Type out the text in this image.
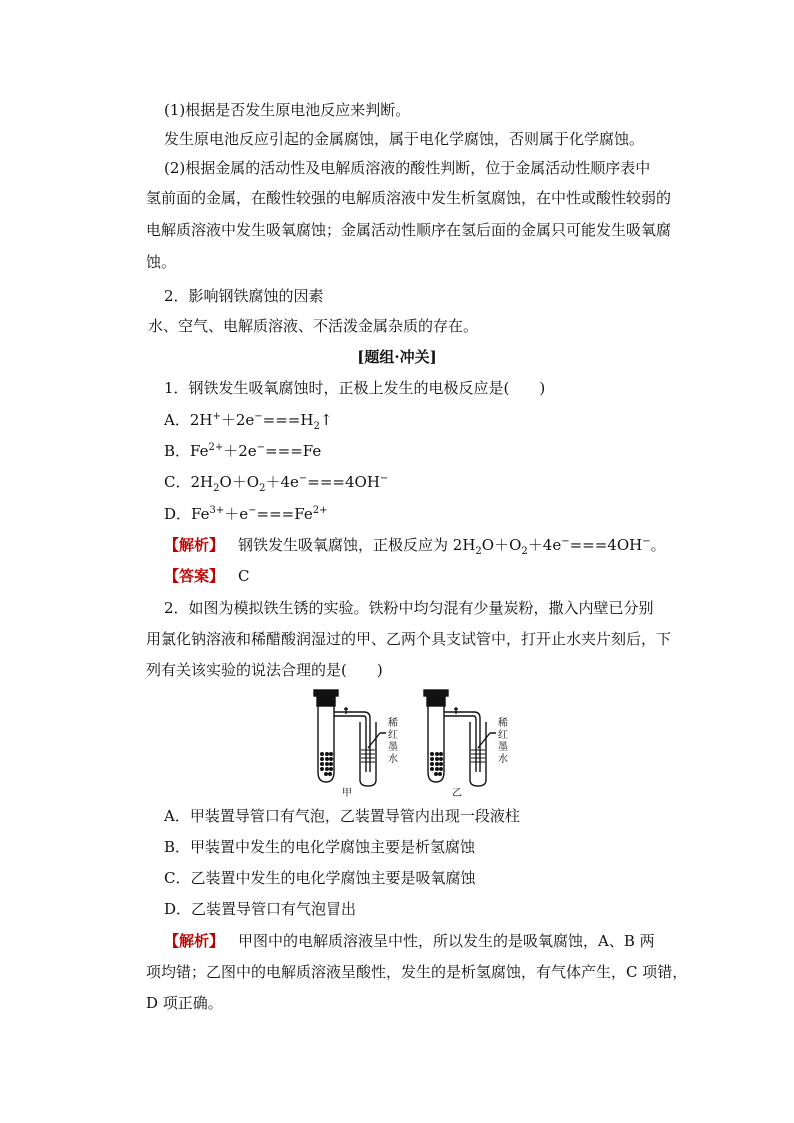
(1)根据是否发生原电池反应来判断。
发生原电池反应引起的金属腐蚀，属于电化学腐蚀，否则属于化学腐蚀。
(2)根据金属的活动性及电解质溶液的酸性判断，位于金属活动性顺序表中
氢前面的金属，在酸性较强的电解质溶液中发生析氢腐蚀，在中性或酸性较弱的
电解质溶液中发生吸氧腐蚀；金属活动性顺序在氢后面的金属只可能发生吸氧腐
蚀。
2．影响钢铁腐蚀的因素
水、空气、电解质溶液、不活泼金属杂质的存在。
[题组·冲关]
1．钢铁发生吸氧腐蚀时，正极上发生的电极反应是(　　)
A．$2H^++2e^-===H_2↑$
B．$Fe^{2+}+2e^-===Fe$
C．$2H_2O+O_2+4e^-===4OH^-$
D．$Fe^{3+}+e^-===Fe^{2+}$
【解析】 钢铁发生吸氧腐蚀，正极反应为 $2H_2O+O_2+4e^-===4OH^-$。
【答案】 C
2．如图为模拟铁生锈的实验。铁粉中均匀混有少量炭粉，撒入内壁已分别
用氯化钠溶液和稀醋酸润湿过的甲、乙两个具支试管中，打开止水夹片刻后，下
列有关该实验的说法合理的是(　　)
稀
红
墨
水
稀
红
墨
水
甲	乙
A．甲装置导管口有气泡，乙装置导管内出现一段液柱
B．甲装置中发生的电化学腐蚀主要是析氢腐蚀
C．乙装置中发生的电化学腐蚀主要是吸氧腐蚀
D．乙装置导管口有气泡冒出
【解析】 甲图中的电解质溶液呈中性，所以发生的是吸氧腐蚀，A、B 两
项均错；乙图中的电解质溶液呈酸性，发生的是析氢腐蚀，有气体产生，C 项错，
D 项正确。
